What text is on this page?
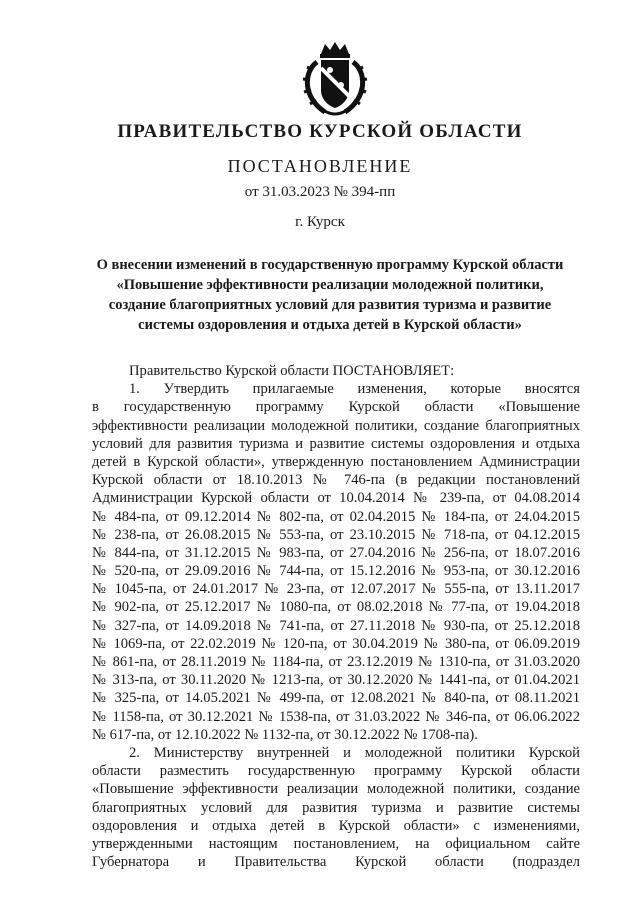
ПРАВИТЕЛЬСТВО КУРСКОЙ ОБЛАСТИ
ПОСТАНОВЛЕНИЕ
от 31.03.2023 № 394-пп
г. Курск
О внесении изменений в государственную программу Курской области
«Повышение эффективности реализации молодежной политики,
создание благоприятных условий для развития туризма и развитие
системы оздоровления и отдыха детей в Курской области»
Правительство Курской области ПОСТАНОВЛЯЕТ:
1. Утвердить прилагаемые изменения, которые вносятся
в государственную программу Курской области «Повышение
эффективности реализации молодежной политики, создание благоприятных
условий для развития туризма и развитие системы оздоровления и отдыха
детей в Курской области», утвержденную постановлением Администрации
Курской области от 18.10.2013 № 746-па (в редакции постановлений
Администрации Курской области от 10.04.2014 № 239-па, от 04.08.2014
№ 484-па, от 09.12.2014 № 802-па, от 02.04.2015 № 184-па, от 24.04.2015
№ 238-па, от 26.08.2015 № 553-па, от 23.10.2015 № 718-па, от 04.12.2015
№ 844-па, от 31.12.2015 № 983-па, от 27.04.2016 № 256-па, от 18.07.2016
№ 520-па, от 29.09.2016 № 744-па, от 15.12.2016 № 953-па, от 30.12.2016
№ 1045-па, от 24.01.2017 № 23-па, от 12.07.2017 № 555-па, от 13.11.2017
№ 902-па, от 25.12.2017 № 1080-па, от 08.02.2018 № 77-па, от 19.04.2018
№ 327-па, от 14.09.2018 № 741-па, от 27.11.2018 № 930-па, от 25.12.2018
№ 1069-па, от 22.02.2019 № 120-па, от 30.04.2019 № 380-па, от 06.09.2019
№ 861-па, от 28.11.2019 № 1184-па, от 23.12.2019 № 1310-па, от 31.03.2020
№ 313-па, от 30.11.2020 № 1213-па, от 30.12.2020 № 1441-па, от 01.04.2021
№ 325-па, от 14.05.2021 № 499-па, от 12.08.2021 № 840-па, от 08.11.2021
№ 1158-па, от 30.12.2021 № 1538-па, от 31.03.2022 № 346-па, от 06.06.2022
№ 617-па, от 12.10.2022 № 1132-па, от 30.12.2022 № 1708-па).
2. Министерству внутренней и молодежной политики Курской
области разместить государственную программу Курской области
«Повышение эффективности реализации молодежной политики, создание
благоприятных условий для развития туризма и развитие системы
оздоровления и отдыха детей в Курской области» с изменениями,
утвержденными настоящим постановлением, на официальном сайте
Губернатора и Правительства Курской области (подраздел
